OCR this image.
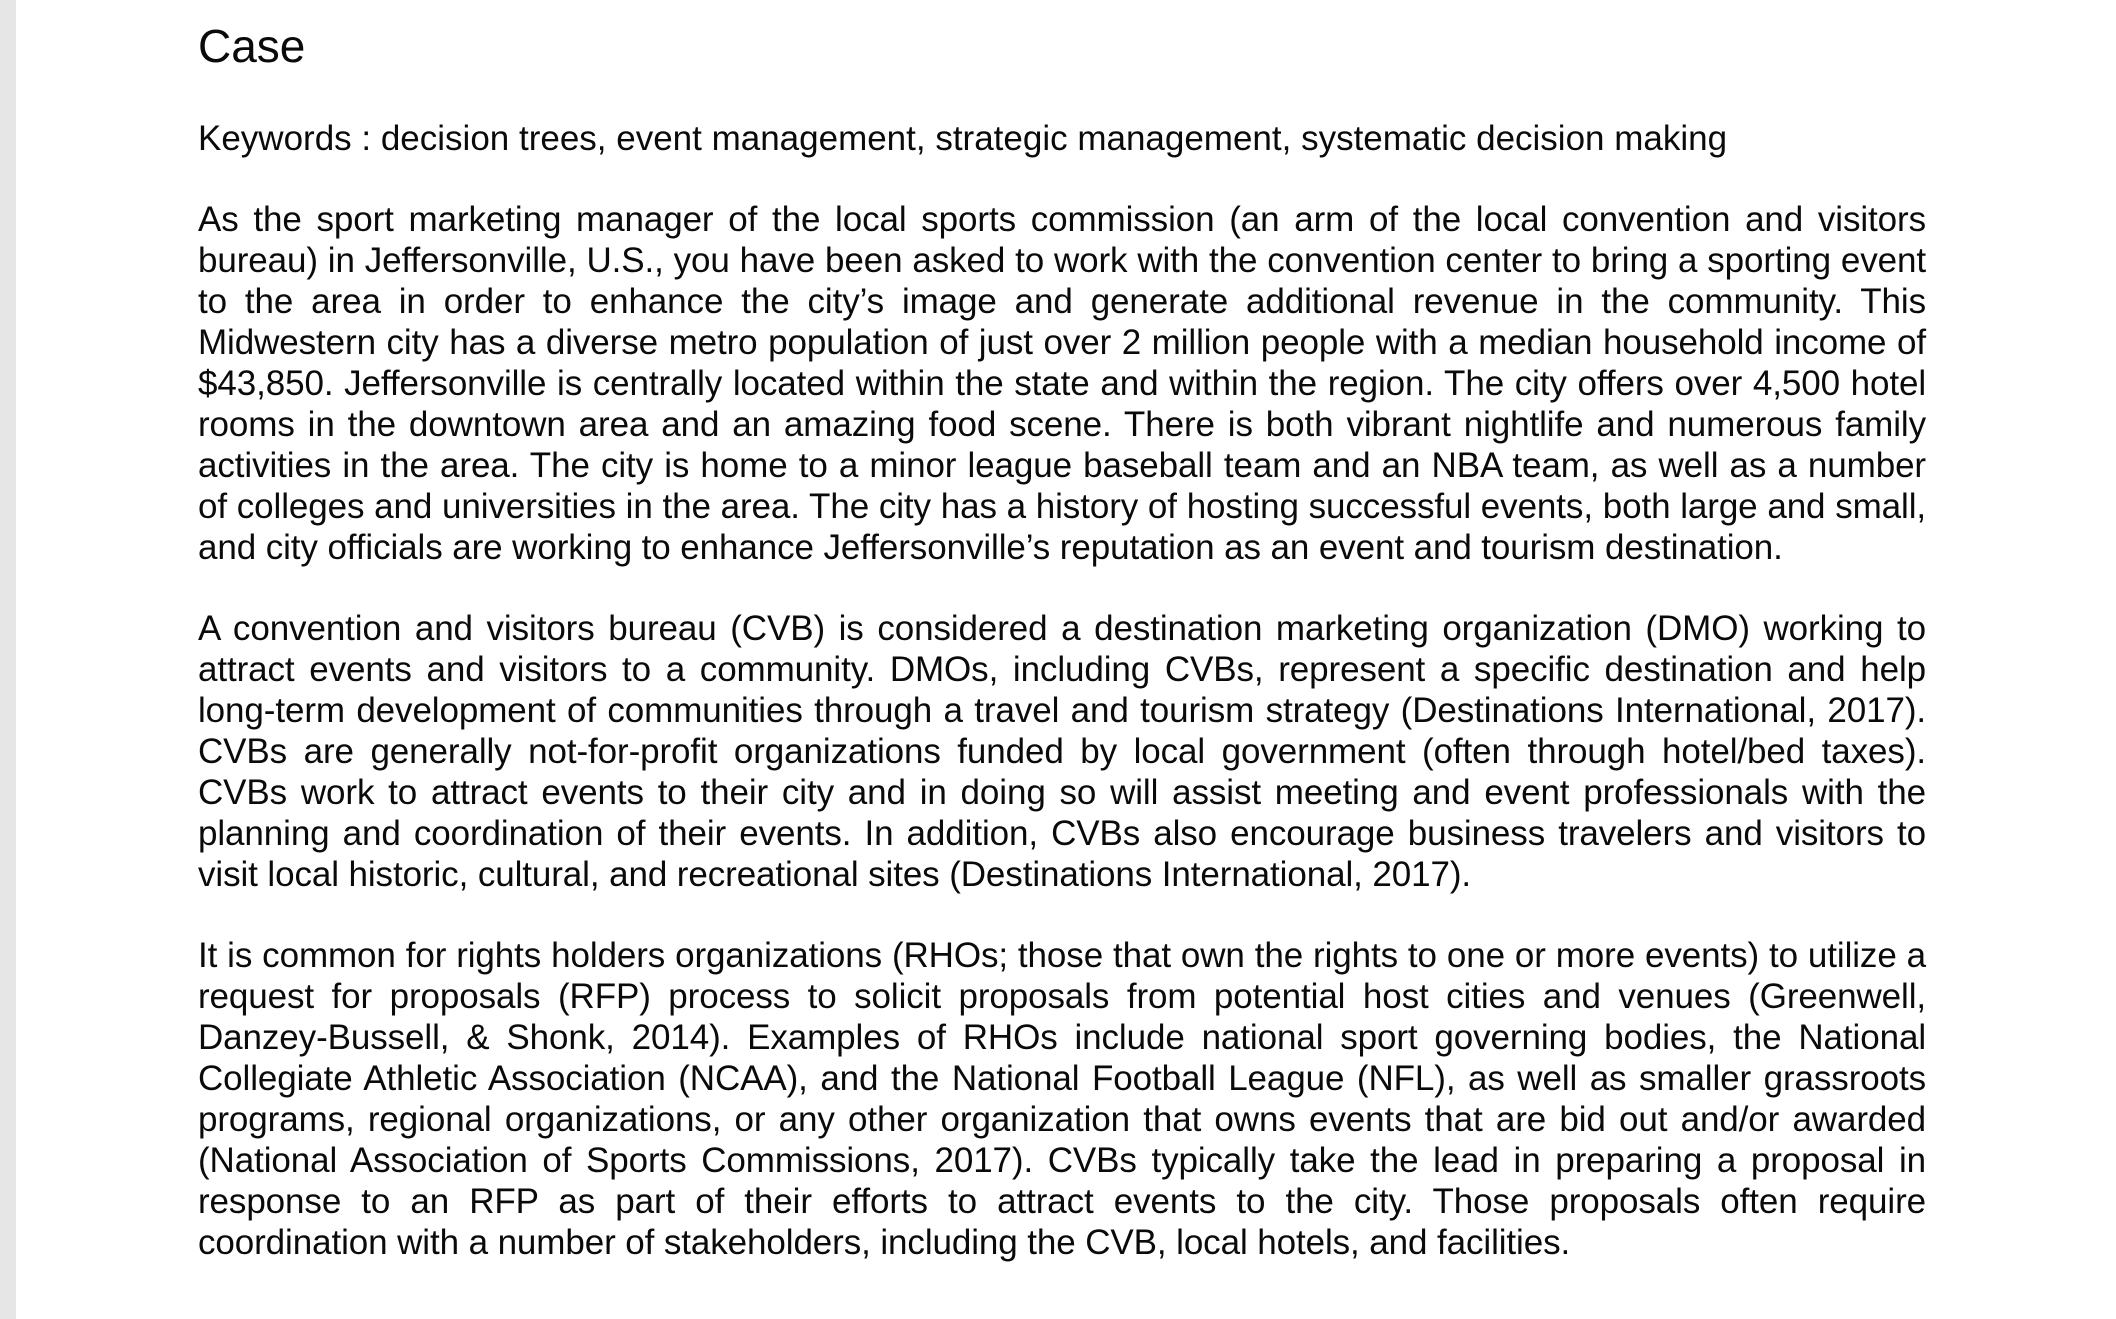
Case

Keywords : decision trees, event management, strategic management, systematic decision making

As the sport marketing manager of the local sports commission (an arm of the local convention and visitors bureau) in Jeffersonville, U.S., you have been asked to work with the convention center to bring a sporting event to the area in order to enhance the city’s image and generate additional revenue in the community. This Midwestern city has a diverse metro population of just over 2 million people with a median household income of $43,850. Jeffersonville is centrally located within the state and within the region. The city offers over 4,500 hotel rooms in the downtown area and an amazing food scene. There is both vibrant nightlife and numerous family activities in the area. The city is home to a minor league baseball team and an NBA team, as well as a number of colleges and universities in the area. The city has a history of hosting successful events, both large and small, and city officials are working to enhance Jeffersonville’s reputation as an event and tourism destination.

A convention and visitors bureau (CVB) is considered a destination marketing organization (DMO) working to attract events and visitors to a community. DMOs, including CVBs, represent a specific destination and help long-term development of communities through a travel and tourism strategy (Destinations International, 2017). CVBs are generally not-for-profit organizations funded by local government (often through hotel/bed taxes). CVBs work to attract events to their city and in doing so will assist meeting and event professionals with the planning and coordination of their events. In addition, CVBs also encourage business travelers and visitors to visit local historic, cultural, and recreational sites (Destinations International, 2017).

It is common for rights holders organizations (RHOs; those that own the rights to one or more events) to utilize a request for proposals (RFP) process to solicit proposals from potential host cities and venues (Greenwell, Danzey-Bussell, & Shonk, 2014). Examples of RHOs include national sport governing bodies, the National Collegiate Athletic Association (NCAA), and the National Football League (NFL), as well as smaller grassroots programs, regional organizations, or any other organization that owns events that are bid out and/or awarded (National Association of Sports Commissions, 2017). CVBs typically take the lead in preparing a proposal in response to an RFP as part of their efforts to attract events to the city. Those proposals often require coordination with a number of stakeholders, including the CVB, local hotels, and facilities.
